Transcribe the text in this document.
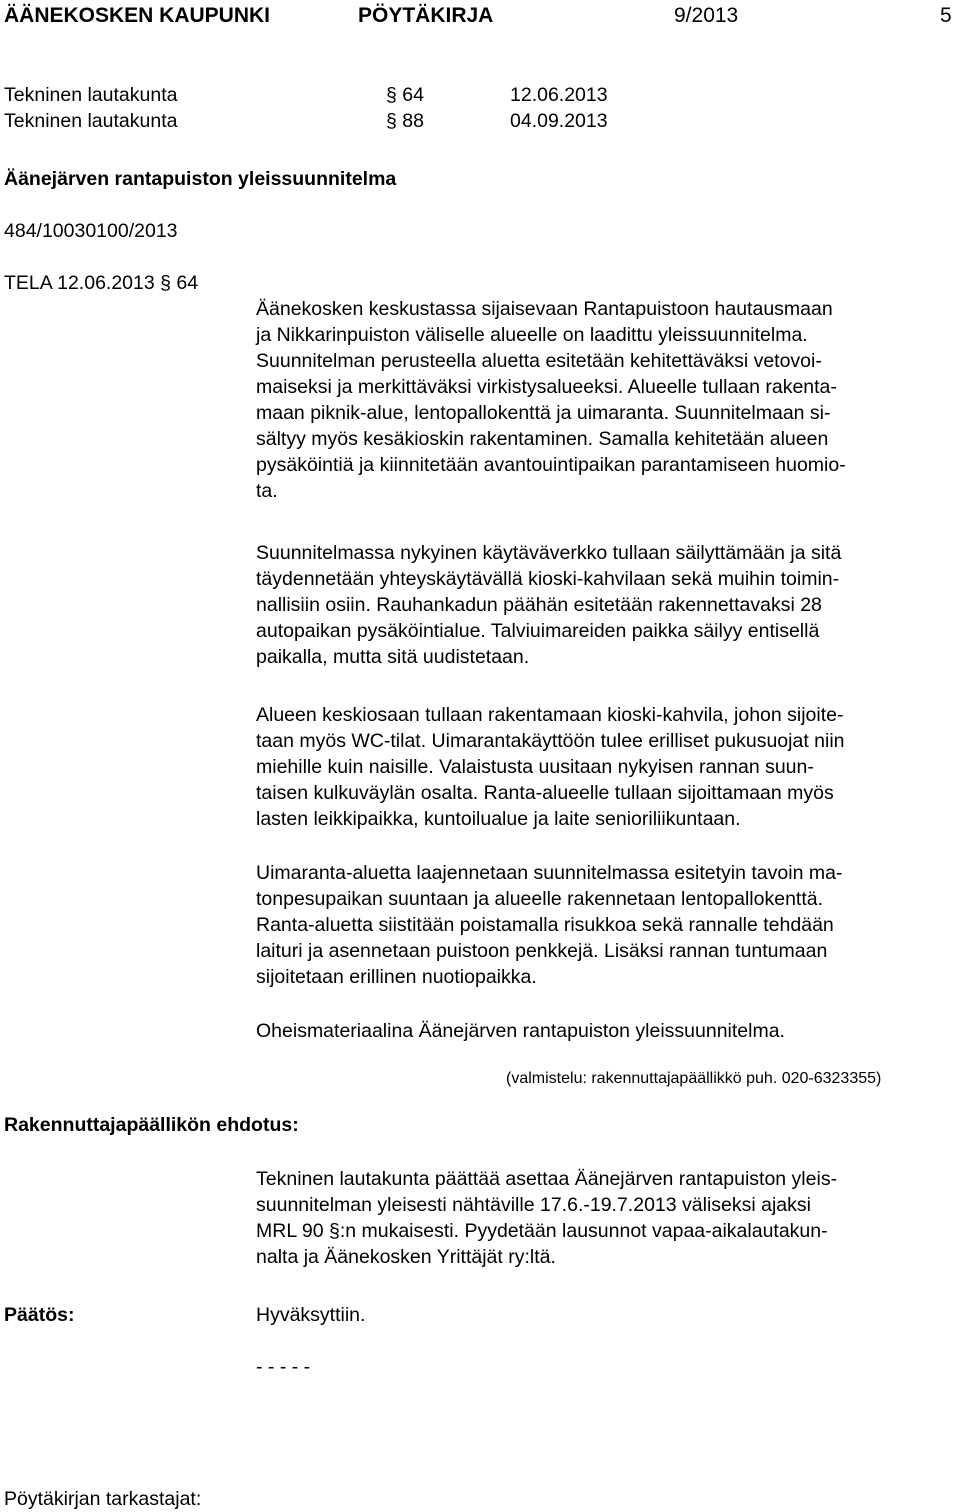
ÄÄNEKOSKEN KAUPUNKI	PÖYTÄKIRJA	9/2013	5
Tekninen lautakunta	§ 64	12.06.2013
Tekninen lautakunta	§ 88	04.09.2013
Äänejärven rantapuiston yleissuunnitelma
484/10030100/2013
TELA 12.06.2013 § 64
Äänekosken keskustassa sijaisevaan Rantapuistoon hautausmaan
ja Nikkarinpuiston väliselle alueelle on laadittu yleissuunnitelma.
Suunnitelman perusteella aluetta esitetään kehitettäväksi vetovoi-
maiseksi ja merkittäväksi virkistysalueeksi. Alueelle tullaan rakenta-
maan piknik-alue, lentopallokenttä ja uimaranta. Suunnitelmaan si-
sältyy myös kesäkioskin rakentaminen. Samalla kehitetään alueen
pysäköintiä ja kiinnitetään avantouintipaikan parantamiseen huomio-
ta.
Suunnitelmassa nykyinen käytäväverkko tullaan säilyttämään ja sitä
täydennetään yhteyskäytävällä kioski-kahvilaan sekä muihin toimin-
nallisiin osiin. Rauhankadun päähän esitetään rakennettavaksi 28
autopaikan pysäköintialue. Talviuimareiden paikka säilyy entisellä
paikalla, mutta sitä uudistetaan.
Alueen keskiosaan tullaan rakentamaan kioski-kahvila, johon sijoite-
taan myös WC-tilat. Uimarantakäyttöön tulee erilliset pukusuojat niin
miehille kuin naisille. Valaistusta uusitaan nykyisen rannan suun-
taisen kulkuväylän osalta. Ranta-alueelle tullaan sijoittamaan myös
lasten leikkipaikka, kuntoilualue ja laite senioriliikuntaan.
Uimaranta-aluetta laajennetaan suunnitelmassa esitetyin tavoin ma-
tonpesupaikan suuntaan ja alueelle rakennetaan lentopallokenttä.
Ranta-aluetta siistitään poistamalla risukkoa sekä rannalle tehdään
laituri ja asennetaan puistoon penkkejä. Lisäksi rannan tuntumaan
sijoitetaan erillinen nuotiopaikka.
Oheismateriaalina Äänejärven rantapuiston yleissuunnitelma.
(valmistelu: rakennuttajapäällikkö puh. 020-6323355)
Rakennuttajapäällikön ehdotus:
Tekninen lautakunta päättää asettaa Äänejärven rantapuiston yleis-
suunnitelman yleisesti nähtäville 17.6.-19.7.2013 väliseksi ajaksi
MRL 90 §:n mukaisesti. Pyydetään lausunnot vapaa-aikalautakun-
nalta ja Äänekosken Yrittäjät ry:ltä.
Päätös:	Hyväksyttiin.
- - - - -
Pöytäkirjan tarkastajat:
